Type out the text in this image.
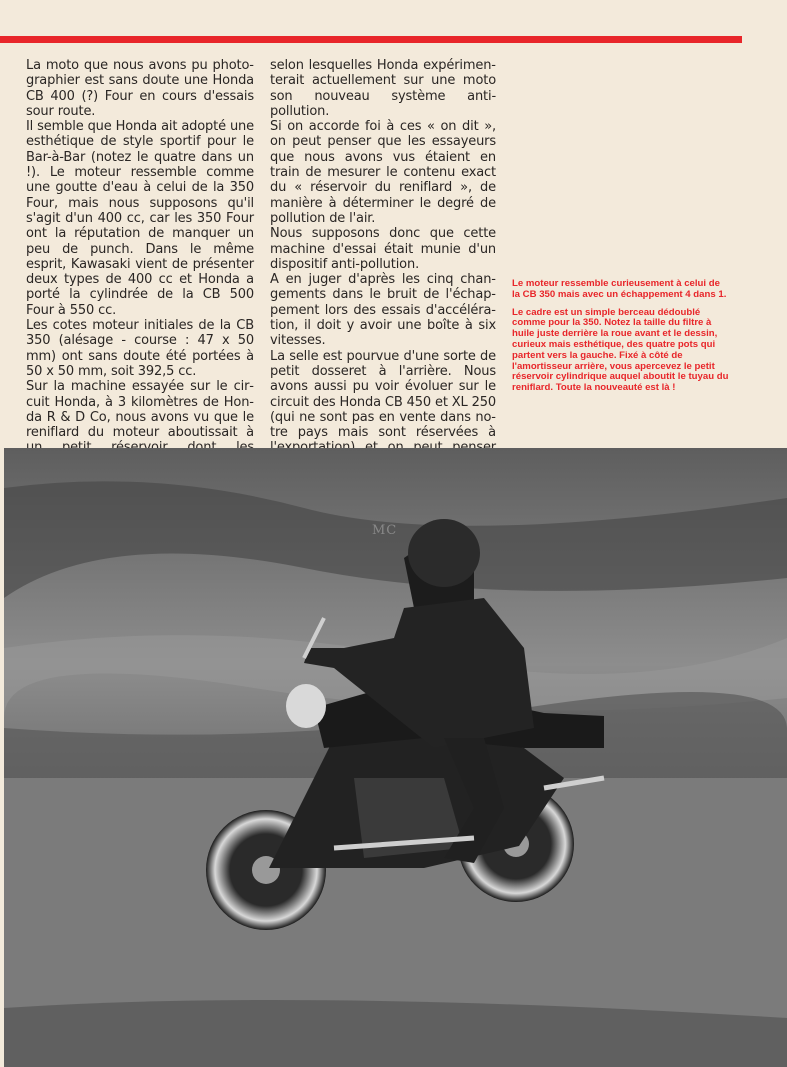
La moto que nous avons pu photographier est sans doute une Honda CB 400 (?) Four en cours d'essais sour route.

Il semble que Honda ait adopté une esthétique de style sportif pour le Bar-à-Bar (notez le quatre dans un !). Le moteur ressemble comme une goutte d'eau à celui de la 350 Four, mais nous supposons qu'il s'agit d'un 400 cc, car les 350 Four ont la réputation de manquer un peu de punch. Dans le même esprit, Kawasaki vient de présenter deux types de 400 cc et Honda a porté la cylindrée de la CB 500 Four à 550 cc.

Les cotes moteur initiales de la CB 350 (alésage - course : 47 x 50 mm) ont sans doute été portées à 50 x 50 mm, soit 392,5 cc.

Sur la machine essayée sur le circuit Honda, à 3 kilomètres de Honda R & D Co, nous avons vu que le reniflard du moteur aboutissait à

selon lesquelles Honda expérimenterait actuellement sur une moto son nouveau système anti-pollution.

Si on accorde foi à ces « on dit », on peut penser que les essayeurs que nous avons vus étaient en train de mesurer le contenu exact du « réservoir du reniflard », de manière à déterminer le degré de pollution de l'air.

Nous supposons donc que cette machine d'essai était munie d'un dispositif anti-pollution.

A en juger d'après les cinq changements dans le bruit de l'échappement lors des essais d'accélération, il doit y avoir une boîte à six vitesses.

La selle est pourvue d'une sorte de petit dosseret à l'arrière. Nous avons aussi pu voir évoluer sur le circuit des Honda CB 450 et XL 250 (qui ne sont pas en vente dans notre pays mais sont réservées à

Le moteur ressemble curieusement à celui de la CB 350 mais avec un échappement 4 dans 1.

Le cadre est un simple berceau dédoublé comme pour la 350. Notez la taille du filtre à huile juste derrière la roue avant et le dessin, curieux mais esthétique, des quatre pots qui partent vers la gauche. Fixé à côté de l'amortisseur arrière, vous apercevez le petit réservoir cylindrique auquel aboutit le tuyau du reniflard. Toute la nouveauté est là !

MC
